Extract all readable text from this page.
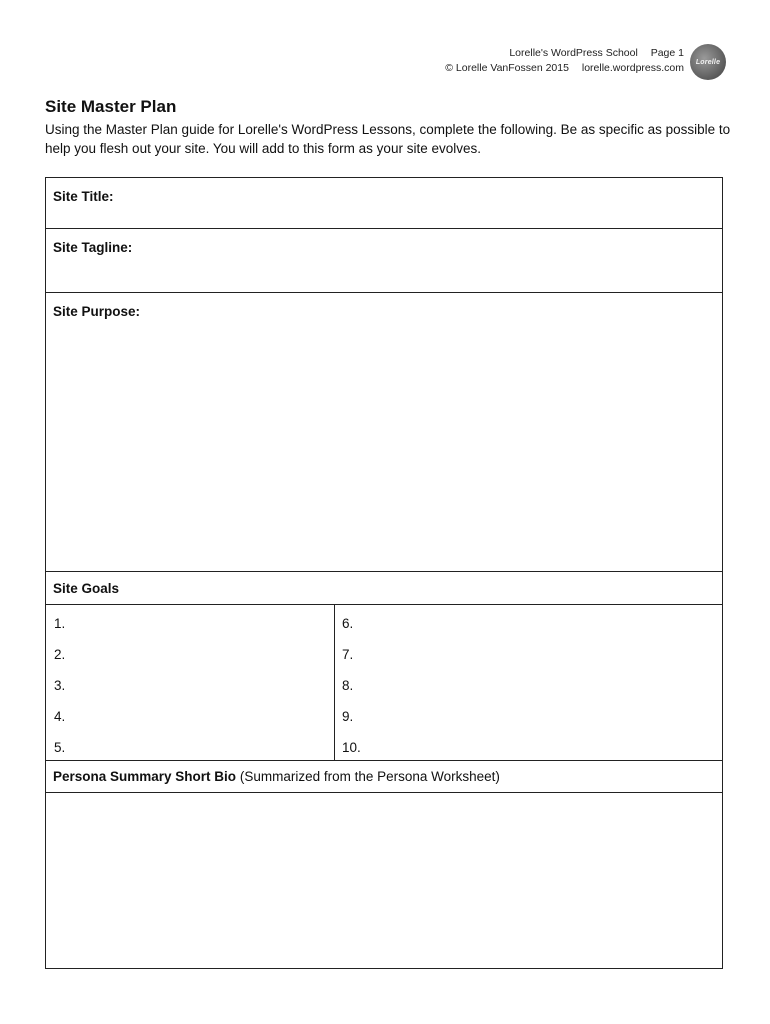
Lorelle's WordPress School Page 1
© Lorelle VanFossen 2015 lorelle.wordpress.com Lorelle
Site Master Plan

Using the Master Plan guide for Lorelle's WordPress Lessons, complete the following. Be as specific as possible to help you flesh out your site. You will add to this form as your site evolves.

Site Title:
Site Tagline:
Site Purpose:
Site Goals
1.
2.
3.
4.
5.
6.
7.
8.
9.
10.
Persona Summary Short Bio (Summarized from the Persona Worksheet)
